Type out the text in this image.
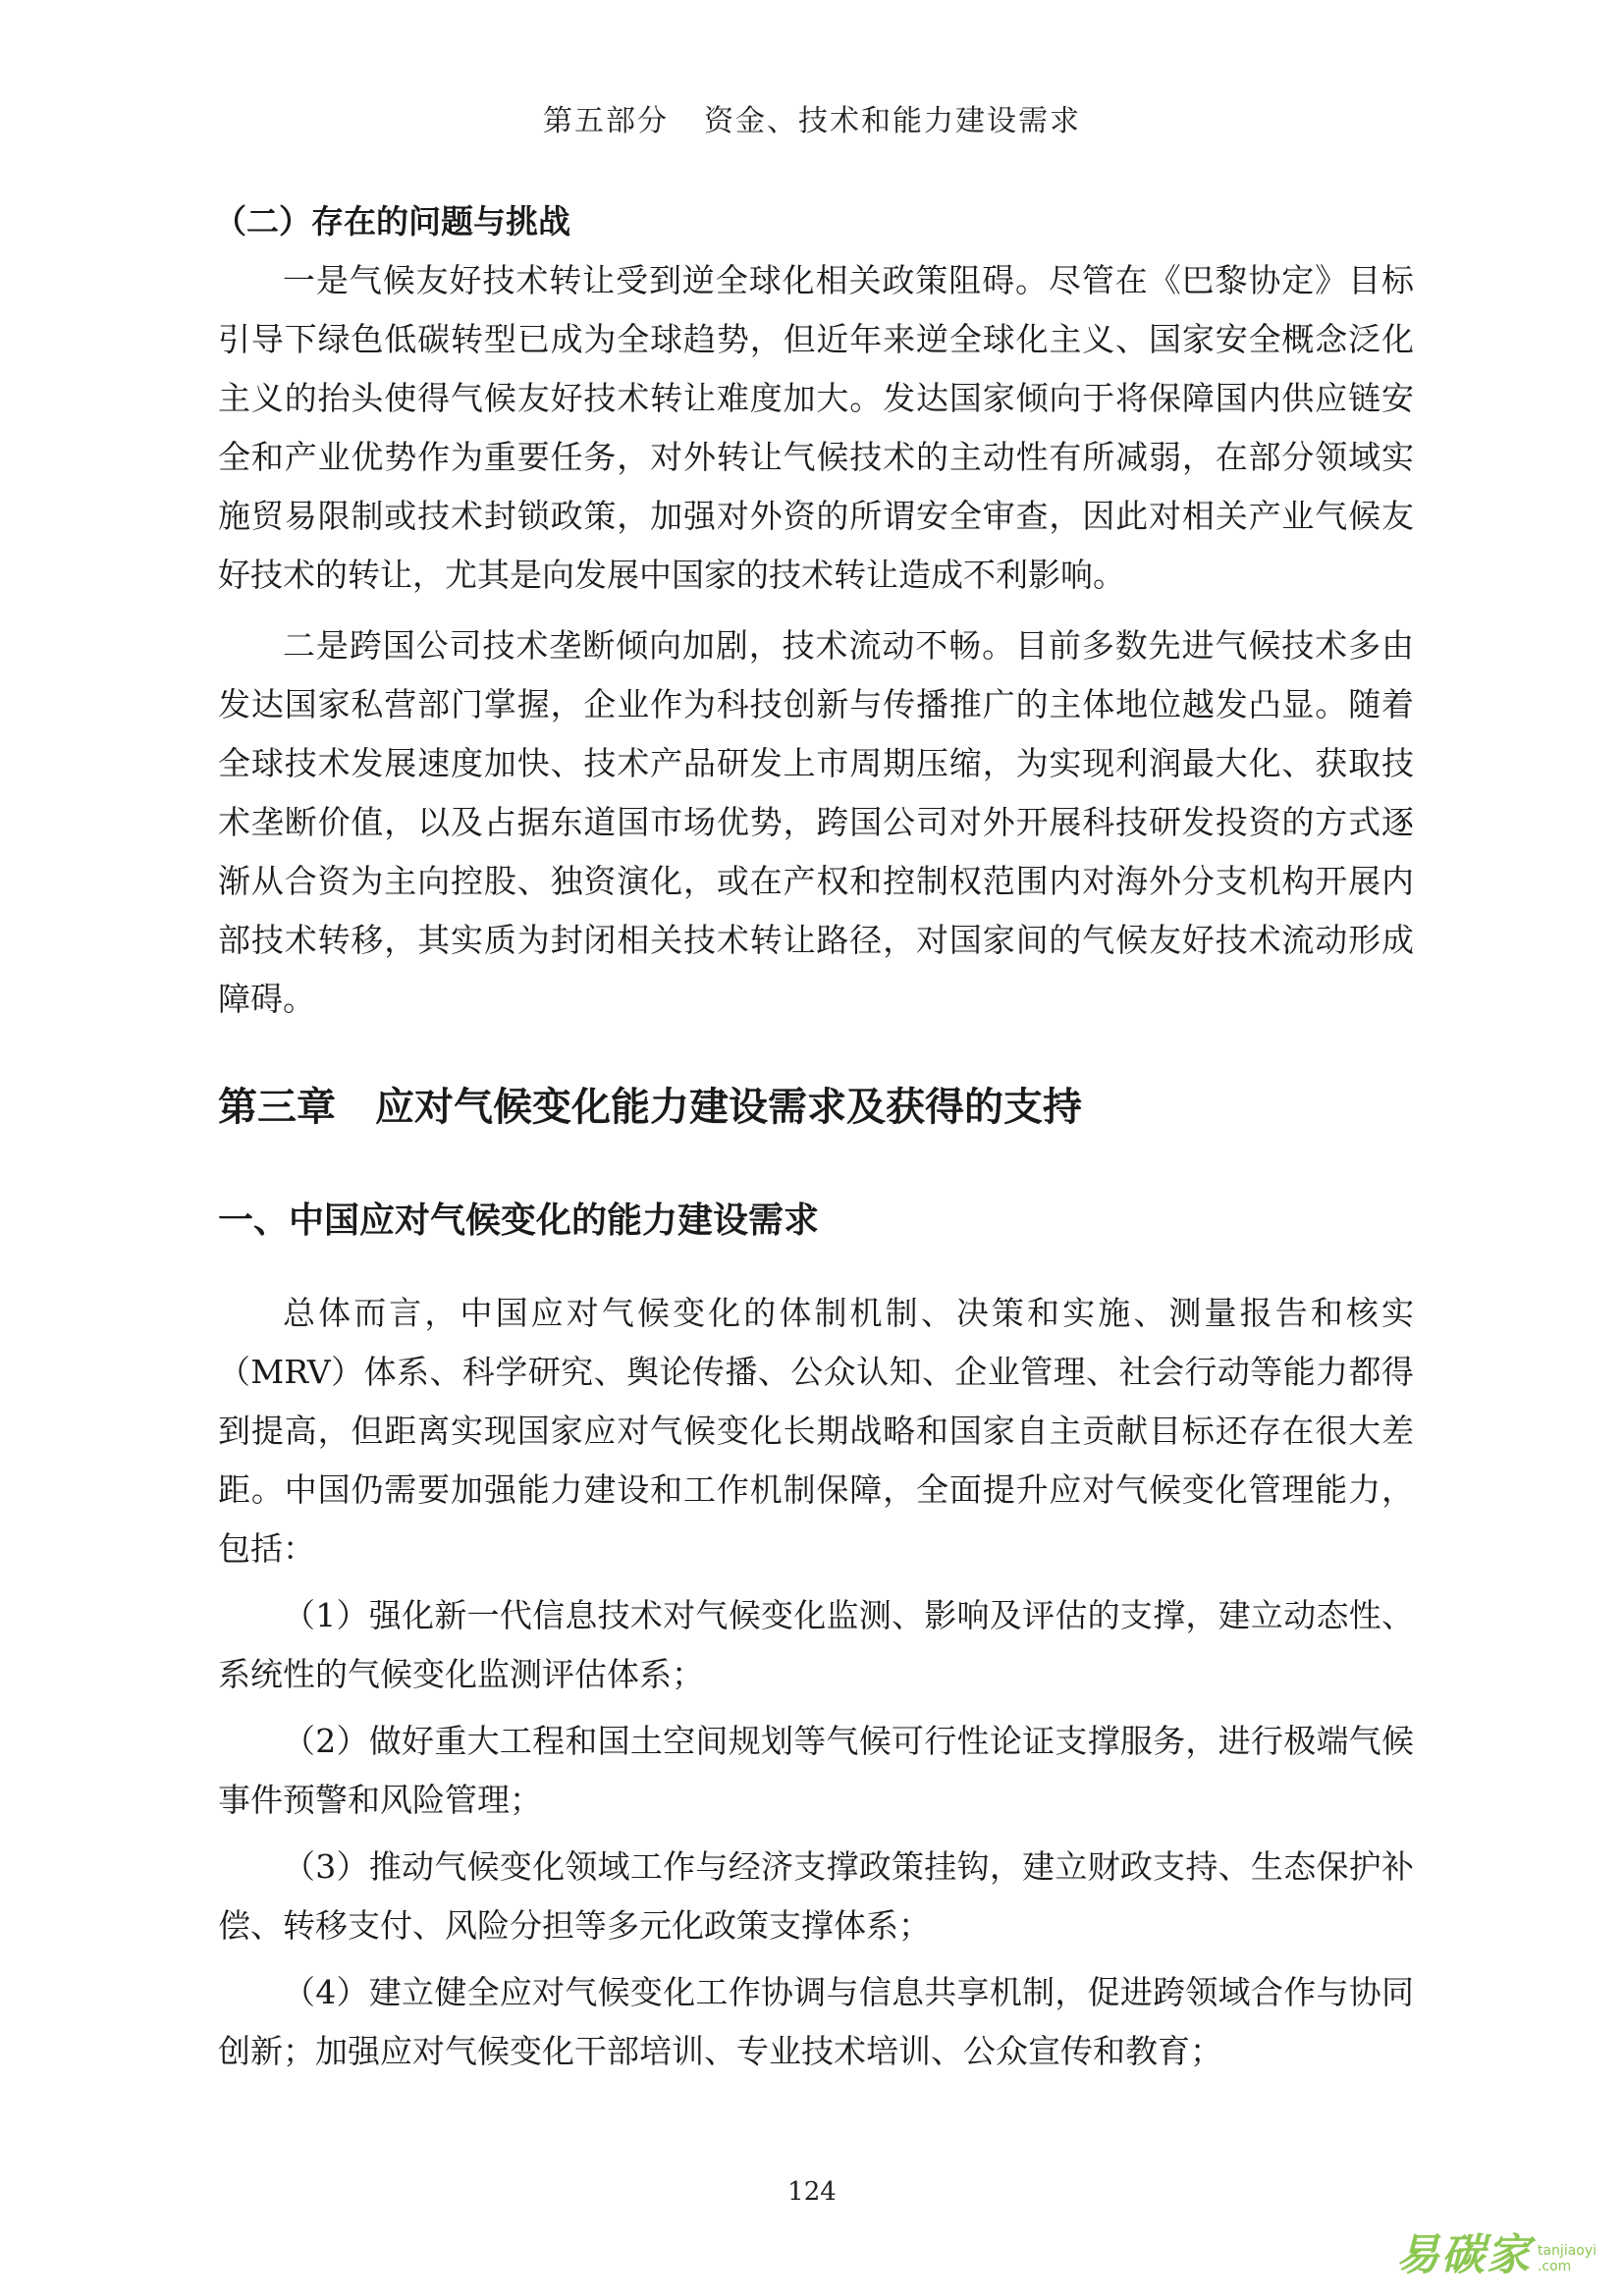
第五部分 资金、技术和能力建设需求
（二）存在的问题与挑战

一是气候友好技术转让受到逆全球化相关政策阻碍。尽管在《巴黎协定》目标引导下绿色低碳转型已成为全球趋势，但近年来逆全球化主义、国家安全概念泛化主义的抬头使得气候友好技术转让难度加大。发达国家倾向于将保障国内供应链安全和产业优势作为重要任务，对外转让气候技术的主动性有所减弱，在部分领域实施贸易限制或技术封锁政策，加强对外资的所谓安全审查，因此对相关产业气候友好技术的转让，尤其是向发展中国家的技术转让造成不利影响。

二是跨国公司技术垄断倾向加剧，技术流动不畅。目前多数先进气候技术多由发达国家私营部门掌握，企业作为科技创新与传播推广的主体地位越发凸显。随着全球技术发展速度加快、技术产品研发上市周期压缩，为实现利润最大化、获取技术垄断价值，以及占据东道国市场优势，跨国公司对外开展科技研发投资的方式逐渐从合资为主向控股、独资演化，或在产权和控制权范围内对海外分支机构开展内部技术转移，其实质为封闭相关技术转让路径，对国家间的气候友好技术流动形成障碍。

第三章 应对气候变化能力建设需求及获得的支持
一、中国应对气候变化的能力建设需求

总体而言，中国应对气候变化的体制机制、决策和实施、测量报告和核实（MRV）体系、科学研究、舆论传播、公众认知、企业管理、社会行动等能力都得到提高，但距离实现国家应对气候变化长期战略和国家自主贡献目标还存在很大差距。中国仍需要加强能力建设和工作机制保障，全面提升应对气候变化管理能力，包括：

（1）强化新一代信息技术对气候变化监测、影响及评估的支撑，建立动态性、系统性的气候变化监测评估体系；

（2）做好重大工程和国土空间规划等气候可行性论证支撑服务，进行极端气候事件预警和风险管理；

（3）推动气候变化领域工作与经济支撑政策挂钩，建立财政支持、生态保护补偿、转移支付、风险分担等多元化政策支撑体系；

（4）建立健全应对气候变化工作协调与信息共享机制，促进跨领域合作与协同创新；加强应对气候变化干部培训、专业技术培训、公众宣传和教育；

124
易碳家 tanjiaoyi
.com
